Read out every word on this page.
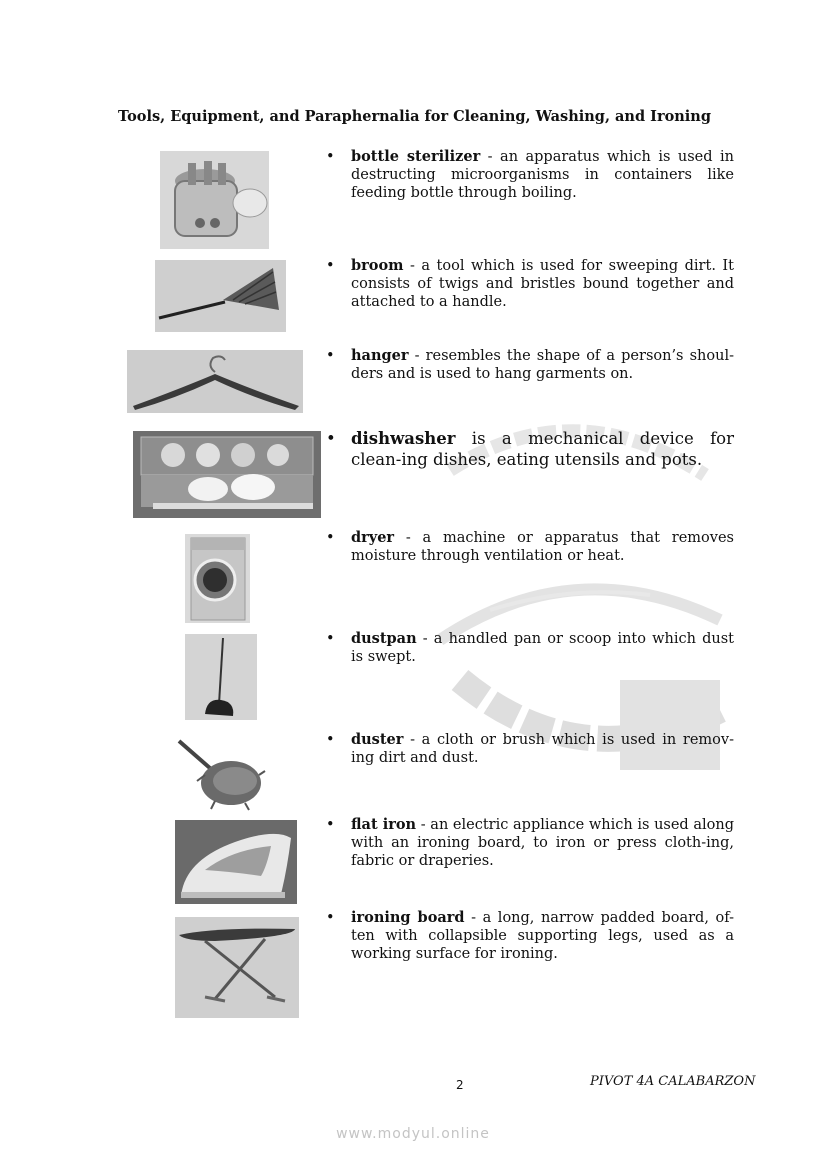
Tools, Equipment, and Paraphernalia for Cleaning, Washing, and Ironing
• bottle sterilizer - an apparatus which is used in destructing microorganisms in containers like feeding bottle through boiling.
• broom - a tool which is used for sweeping dirt. It consists of twigs and bristles bound together and attached to a handle.
• hanger - resembles the shape of a person’s shoul-ders and is used to hang garments on.
• dishwasher is a mechanical device for clean-ing dishes, eating utensils and pots.
• dryer - a machine or apparatus that removes moisture through ventilation or heat.
• dustpan - a handled pan or scoop into which dust is swept.
• duster - a cloth or brush which is used in remov-ing dirt and dust.
• flat iron - an electric appliance which is used along with an ironing board, to iron or press cloth-ing, fabric or draperies.
• ironing board - a long, narrow padded board, of-ten with collapsible supporting legs, used as a working surface for ironing.
2	PIVOT 4A CALABARZON
www.modyul.online
